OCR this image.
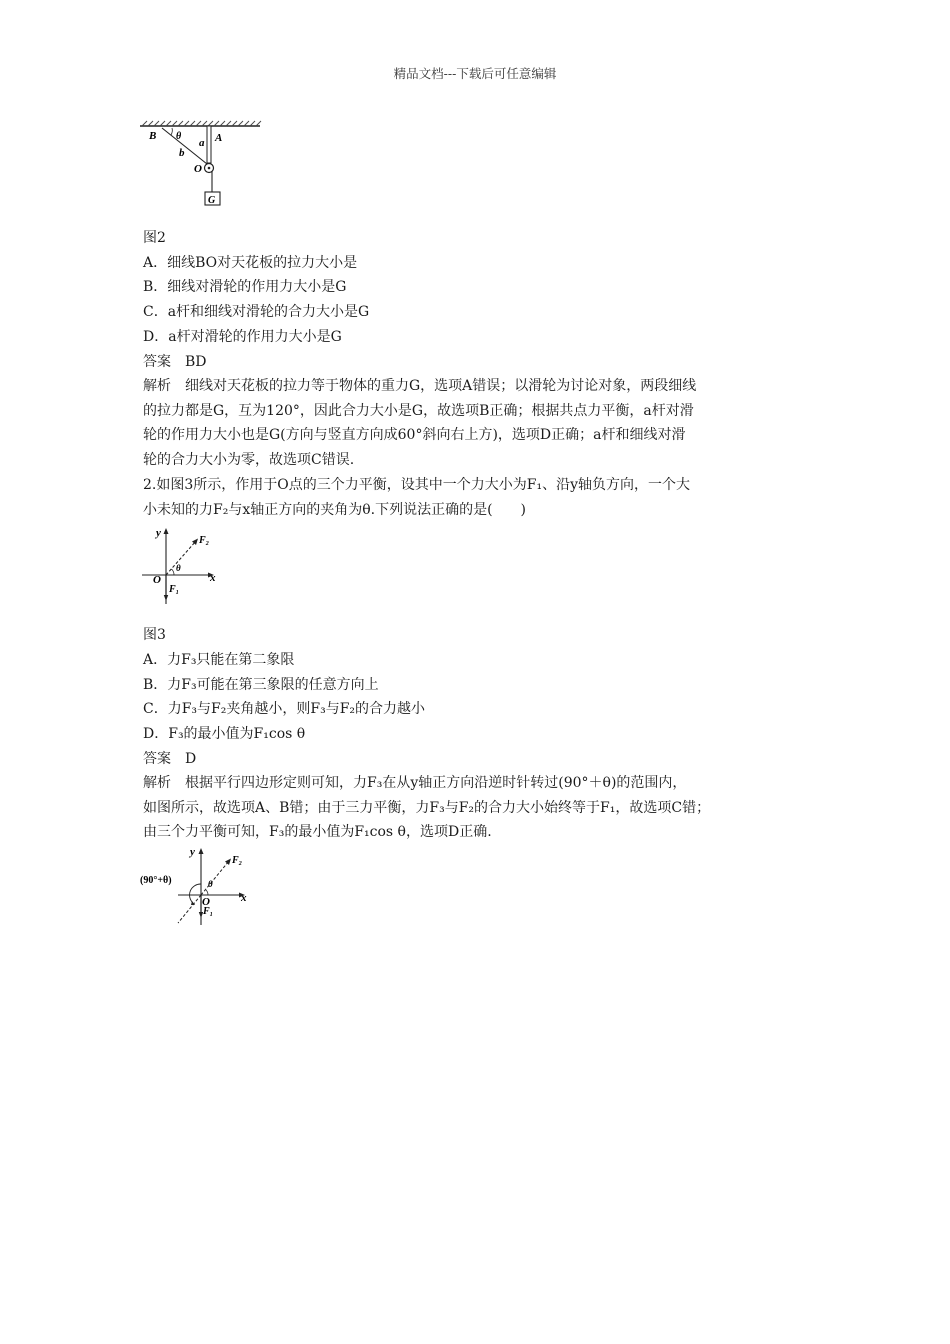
精品文档---下载后可任意编辑
B θ
a A
b
O
G
图2
A．细线BO对天花板的拉力大小是
B．细线对滑轮的作用力大小是G
C．a杆和细线对滑轮的合力大小是G
D．a杆对滑轮的作用力大小是G
答案　BD
解析　细线对天花板的拉力等于物体的重力G，选项A错误；以滑轮为讨论对象，两段细线
的拉力都是G，互为120°，因此合力大小是G，故选项B正确；根据共点力平衡，a杆对滑
轮的作用力大小也是G(方向与竖直方向成60°斜向右上方)，选项D正确；a杆和细线对滑
轮的合力大小为零，故选项C错误.
2.如图3所示，作用于O点的三个力平衡，设其中一个力大小为F₁、沿y轴负方向，一个大
小未知的力F₂与x轴正方向的夹角为θ.下列说法正确的是(　　)
y
x
O
F₂
F₁
θ
图3
A．力F₃只能在第二象限
B．力F₃可能在第三象限的任意方向上
C．力F₃与F₂夹角越小，则F₃与F₂的合力越小
D．F₃的最小值为F₁cos θ
答案　D
解析　根据平行四边形定则可知，力F₃在从y轴正方向沿逆时针转过(90°＋θ)的范围内，
如图所示，故选项A、B错；由于三力平衡，力F₃与F₂的合力大小始终等于F₁，故选项C错；
由三个力平衡可知，F₃的最小值为F₁cos θ，选项D正确.
y
x
O
F₂
F₁
θ
(90°+θ)
